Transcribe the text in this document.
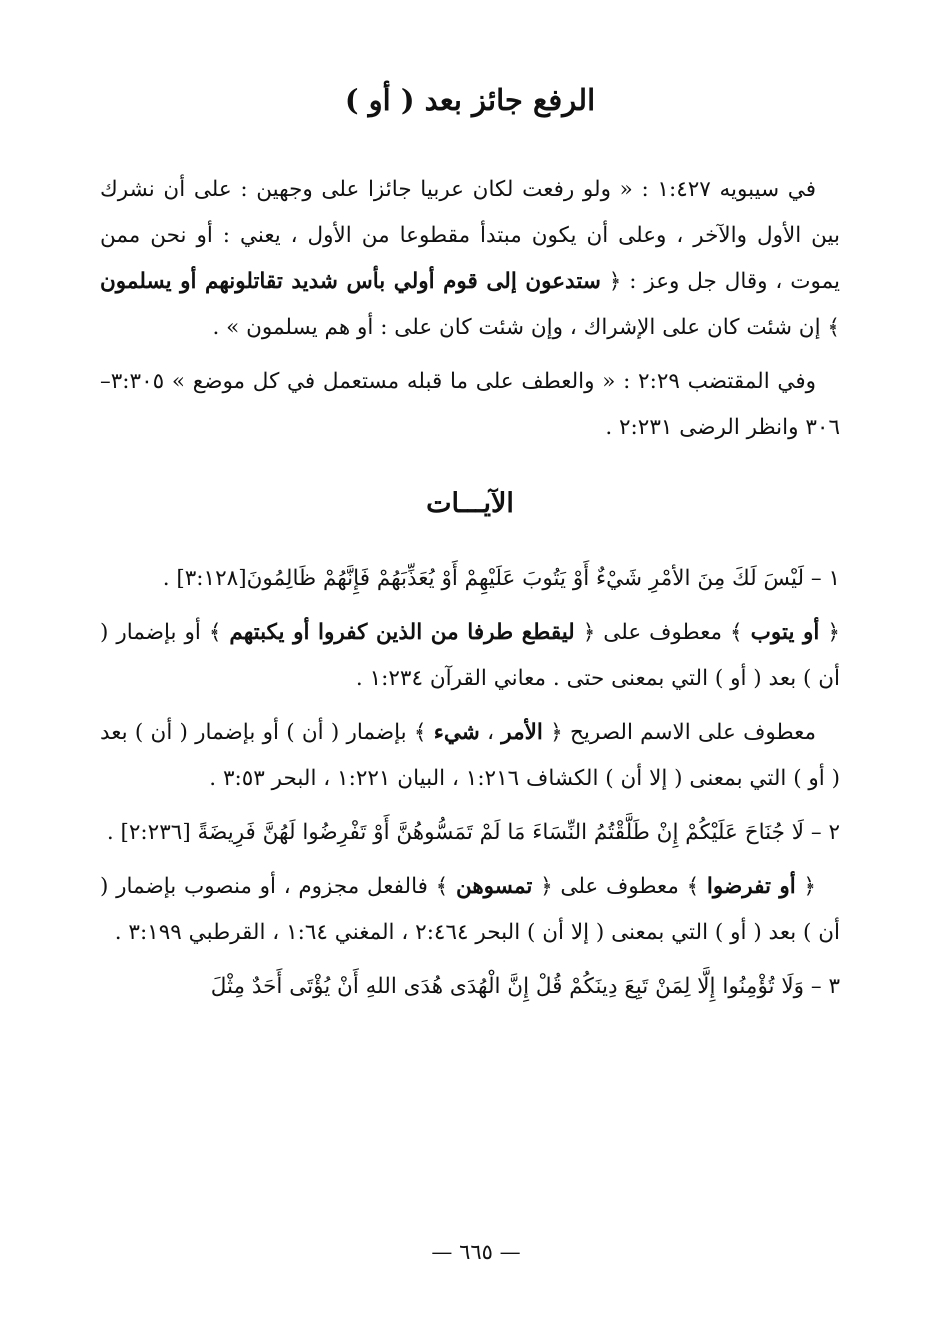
الرفع جائز بعد ( أو )

في سيبويه ١:٤٢٧ : « ولو رفعت لكان عربيا جائزا على وجهين : على أن نشرك بين الأول والآخر ، وعلى أن يكون مبتدأ مقطوعا من الأول ، يعني : أو نحن ممن يموت ، وقال جل وعز : ﴿ ستدعون إلى قوم أولي بأس شديد تقاتلونهم أو يسلمون ﴾ إن شئت كان على الإشراك ، وإن شئت كان على : أو هم يسلمون » .

وفي المقتضب ٢:٢٩ : « والعطف على ما قبله مستعمل في كل موضع » ٣:٣٠٥–٣٠٦ وانظر الرضى ٢:٢٣١ .

الآيـــات

١ – لَيْسَ لَكَ مِنَ الأمْرِ شَيْءٌ أَوْ يَتُوبَ عَلَيْهِمْ أَوْ يُعَذِّبَهُمْ فَإِنَّهُمْ ظَالِمُونَ[٣:١٢٨] .

﴿ أو يتوب ﴾ معطوف على ﴿ ليقطع طرفا من الذين كفروا أو يكبتهم ﴾ أو بإضمار ( أن ) بعد ( أو ) التي بمعنى حتى . معاني القرآن ١:٢٣٤ .

معطوف على الاسم الصريح ﴿ الأمر ، شيء ﴾ بإضمار ( أن ) أو بإضمار ( أن ) بعد ( أو ) التي بمعنى ( إلا أن ) الكشاف ١:٢١٦ ، البيان ١:٢٢١ ، البحر ٣:٥٣ .

٢ – لَا جُنَاحَ عَلَيْكُمْ إِنْ طَلَّقْتُمُ النِّسَاءَ مَا لَمْ تَمَسُّوهُنَّ أَوْ تَفْرِضُوا لَهُنَّ فَرِيضَةً [٢:٢٣٦] .

﴿ أو تفرضوا ﴾ معطوف على ﴿ تمسوهن ﴾ فالفعل مجزوم ، أو منصوب بإضمار ( أن ) بعد ( أو ) التي بمعنى ( إلا أن ) البحر ٢:٤٦٤ ، المغني ١:٦٤ ، القرطبي ٣:١٩٩ .

٣ – وَلَا تُؤْمِنُوا إِلَّا لِمَنْ تَبِعَ دِينَكُمْ قُلْ إِنَّ الْهُدَى هُدَى اللهِ أَنْ يُؤْتَى أَحَدٌ مِثْلَ

— ٦٦٥ —
